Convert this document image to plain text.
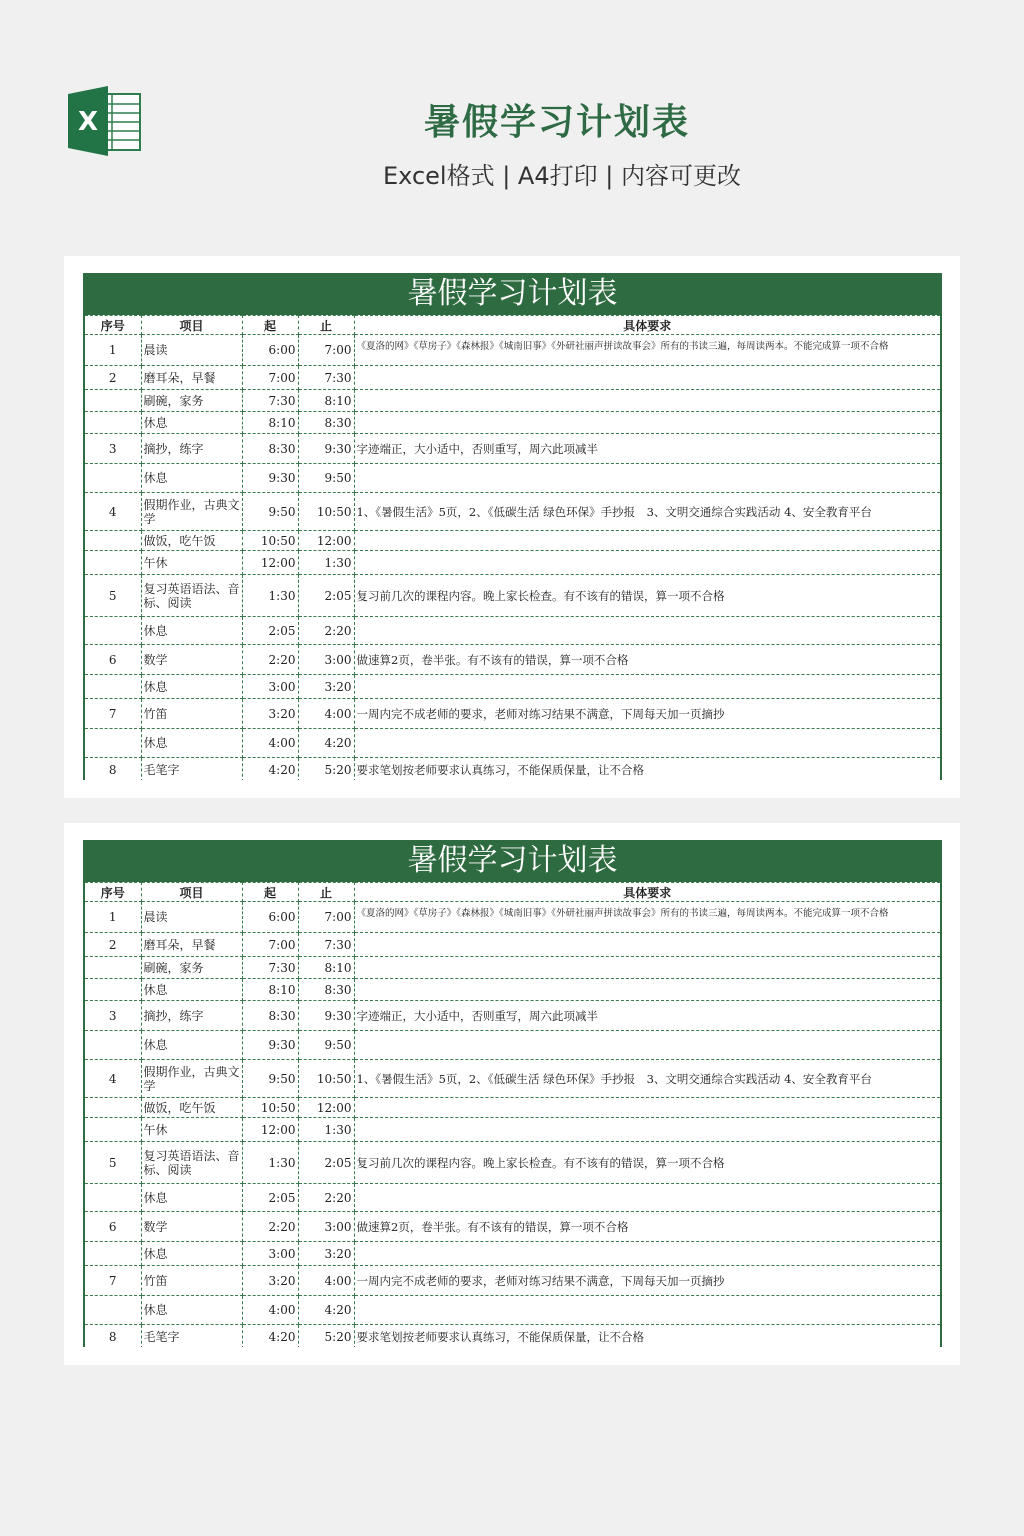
X	暑假学习计划表
Excel格式 | A4打印 | 内容可更改
暑假学习计划表
序号	项目	起	止	具体要求
1	晨读	6:00	7:00	《夏洛的网》《草房子》《森林报》《城南旧事》《外研社丽声拼读故事会》所有的书读三遍，每周读两本。不能完成算一项不合格
2	磨耳朵，早餐	7:00	7:30	
	刷碗，家务	7:30	8:10	
	休息	8:10	8:30	
3	摘抄，练字	8:30	9:30	字迹端正，大小适中，否则重写，周六此项减半
	休息	9:30	9:50	
4	假期作业，古典文学	9:50	10:50	1、《暑假生活》5页，2、《低碳生活 绿色环保》手抄报　3、文明交通综合实践活动 4、安全教育平台
	做饭，吃午饭	10:50	12:00	
	午休	12:00	1:30	
5	复习英语语法、音标、阅读	1:30	2:05	复习前几次的课程内容。晚上家长检查。有不该有的错误，算一项不合格
	休息	2:05	2:20	
6	数学	2:20	3:00	做速算2页，卷半张。有不该有的错误，算一项不合格
	休息	3:00	3:20	
7	竹笛	3:20	4:00	一周内完不成老师的要求，老师对练习结果不满意，下周每天加一页摘抄
	休息	4:00	4:20	
8	毛笔字	4:20	5:20	要求笔划按老师要求认真练习，不能保质保量，让不合格
暑假学习计划表
序号	项目	起	止	具体要求
1	晨读	6:00	7:00	《夏洛的网》《草房子》《森林报》《城南旧事》《外研社丽声拼读故事会》所有的书读三遍，每周读两本。不能完成算一项不合格
2	磨耳朵，早餐	7:00	7:30	
	刷碗，家务	7:30	8:10	
	休息	8:10	8:30	
3	摘抄，练字	8:30	9:30	字迹端正，大小适中，否则重写，周六此项减半
	休息	9:30	9:50	
4	假期作业，古典文学	9:50	10:50	1、《暑假生活》5页，2、《低碳生活 绿色环保》手抄报　3、文明交通综合实践活动 4、安全教育平台
	做饭，吃午饭	10:50	12:00	
	午休	12:00	1:30	
5	复习英语语法、音标、阅读	1:30	2:05	复习前几次的课程内容。晚上家长检查。有不该有的错误，算一项不合格
	休息	2:05	2:20	
6	数学	2:20	3:00	做速算2页，卷半张。有不该有的错误，算一项不合格
	休息	3:00	3:20	
7	竹笛	3:20	4:00	一周内完不成老师的要求，老师对练习结果不满意，下周每天加一页摘抄
	休息	4:00	4:20	
8	毛笔字	4:20	5:20	要求笔划按老师要求认真练习，不能保质保量，让不合格
